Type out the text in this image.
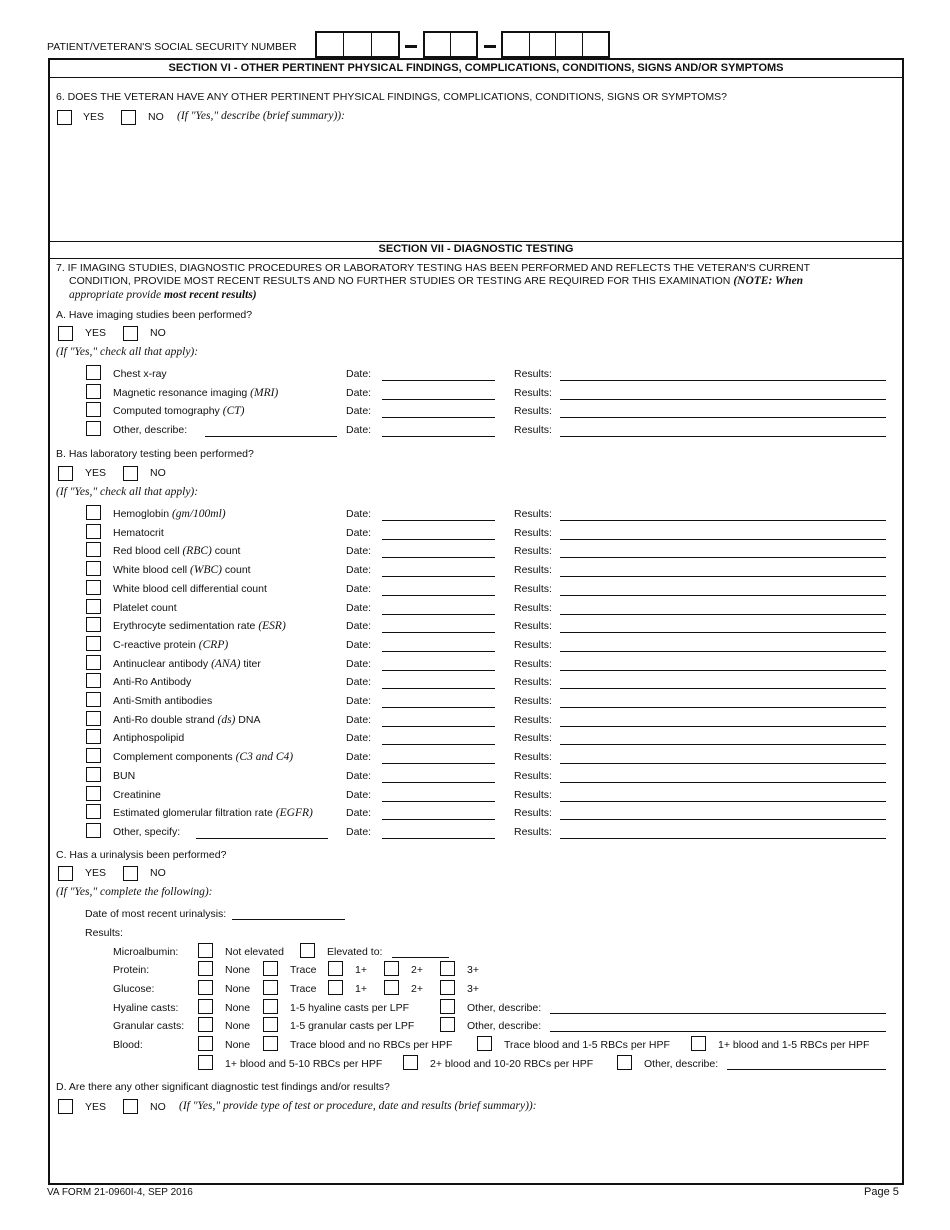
PATIENT/VETERAN'S SOCIAL SECURITY NUMBER
SECTION VI - OTHER PERTINENT PHYSICAL FINDINGS, COMPLICATIONS, CONDITIONS, SIGNS AND/OR SYMPTOMS
6. DOES THE VETERAN HAVE ANY OTHER PERTINENT PHYSICAL FINDINGS, COMPLICATIONS, CONDITIONS, SIGNS OR SYMPTOMS?
YES	NO (If "Yes," describe (brief summary)):
SECTION VII - DIAGNOSTIC TESTING
7. IF IMAGING STUDIES, DIAGNOSTIC PROCEDURES OR LABORATORY TESTING HAS BEEN PERFORMED AND REFLECTS THE VETERAN'S CURRENT
CONDITION, PROVIDE MOST RECENT RESULTS AND NO FURTHER STUDIES OR TESTING ARE REQUIRED FOR THIS EXAMINATION (NOTE: When
appropriate provide most recent results)
A. Have imaging studies been performed?
YES	NO
(If "Yes," check all that apply):
Chest x-ray	Date:	Results:
Magnetic resonance imaging (MRI)	Date:	Results:
Computed tomography (CT)	Date:	Results:
Other, describe:	Date:	Results:
B. Has laboratory testing been performed?
YES	NO
(If "Yes," check all that apply):
Hemoglobin (gm/100ml)	Date:	Results:
Hematocrit	Date:	Results:
Red blood cell (RBC) count	Date:	Results:
White blood cell (WBC) count	Date:	Results:
White blood cell differential count	Date:	Results:
Platelet count	Date:	Results:
Erythrocyte sedimentation rate (ESR)	Date:	Results:
C-reactive protein (CRP)	Date:	Results:
Antinuclear antibody (ANA) titer	Date:	Results:
Anti-Ro Antibody	Date:	Results:
Anti-Smith antibodies	Date:	Results:
Anti-Ro double strand (ds) DNA	Date:	Results:
Antiphospolipid	Date:	Results:
Complement components (C3 and C4)	Date:	Results:
BUN	Date:	Results:
Creatinine	Date:	Results:
Estimated glomerular filtration rate (EGFR)	Date:	Results:
Other, specify:	Date:	Results:
C. Has a urinalysis been performed?
YES	NO
(If "Yes," complete the following):
Date of most recent urinalysis:
Results:
Microalbumin:	Not elevated	Elevated to:
Protein:	None	Trace	1+	2+	3+
Glucose:	None	Trace	1+	2+	3+
Hyaline casts:	None	1-5 hyaline casts per LPF	Other, describe:
Granular casts:	None	1-5 granular casts per LPF	Other, describe:
Blood:	None	Trace blood and no RBCs per HPF	Trace blood and 1-5 RBCs per HPF	1+ blood and 1-5 RBCs per HPF
1+ blood and 5-10 RBCs per HPF	2+ blood and 10-20 RBCs per HPF	Other, describe:
D. Are there any other significant diagnostic test findings and/or results?
YES	NO (If "Yes," provide type of test or procedure, date and results (brief summary)):
VA FORM 21-0960I-4, SEP 2016	Page 5
